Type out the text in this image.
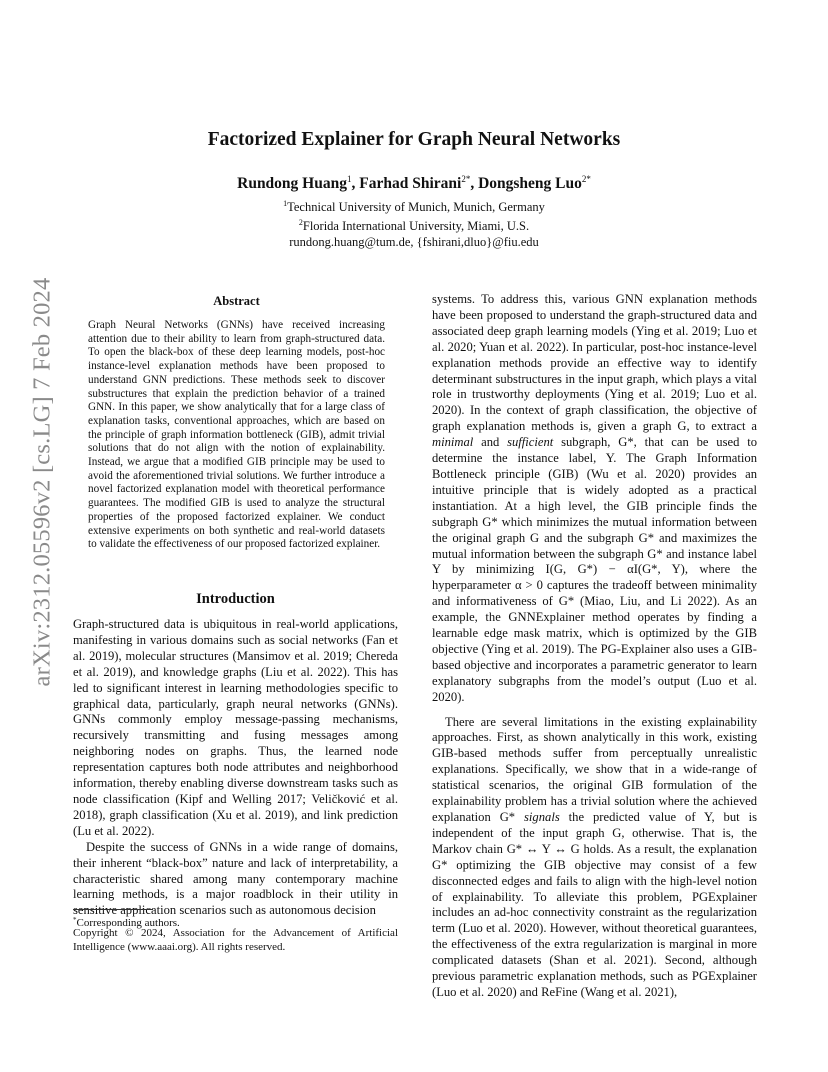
arXiv:2312.05596v2 [cs.LG] 7 Feb 2024
Factorized Explainer for Graph Neural Networks
Rundong Huang$^1$, Farhad Shirani$^{2*}$, Dongsheng Luo$^{2*}$
$^1$Technical University of Munich, Munich, Germany
$^2$Florida International University, Miami, U.S.
rundong.huang@tum.de, {fshirani,dluo}@fiu.edu
Abstract

Graph Neural Networks (GNNs) have received increasing attention due to their ability to learn from graph-structured data. To open the black-box of these deep learning models, post-hoc instance-level explanation methods have been proposed to understand GNN predictions. These methods seek to discover substructures that explain the prediction behavior of a trained GNN. In this paper, we show analytically that for a large class of explanation tasks, conventional approaches, which are based on the principle of graph information bottleneck (GIB), admit trivial solutions that do not align with the notion of explainability. Instead, we argue that a modified GIB principle may be used to avoid the aforementioned trivial solutions. We further introduce a novel factorized explanation model with theoretical performance guarantees. The modified GIB is used to analyze the structural properties of the proposed factorized explainer. We conduct extensive experiments on both synthetic and real-world datasets to validate the effectiveness of our proposed factorized explainer.

Introduction

Graph-structured data is ubiquitous in real-world applications, manifesting in various domains such as social networks (Fan et al. 2019), molecular structures (Mansimov et al. 2019; Chereda et al. 2019), and knowledge graphs (Liu et al. 2022). This has led to significant interest in learning methodologies specific to graphical data, particularly, graph neural networks (GNNs). GNNs commonly employ message-passing mechanisms, recursively transmitting and fusing messages among neighboring nodes on graphs. Thus, the learned node representation captures both node attributes and neighborhood information, thereby enabling diverse downstream tasks such as node classification (Kipf and Welling 2017; Veličković et al. 2018), graph classification (Xu et al. 2019), and link prediction (Lu et al. 2022).

Despite the success of GNNs in a wide range of domains, their inherent “black-box” nature and lack of interpretability, a characteristic shared among many contemporary machine learning methods, is a major roadblock in their utility in sensitive application scenarios such as autonomous decision

systems. To address this, various GNN explanation methods have been proposed to understand the graph-structured data and associated deep graph learning models (Ying et al. 2019; Luo et al. 2020; Yuan et al. 2022). In particular, post-hoc instance-level explanation methods provide an effective way to identify determinant substructures in the input graph, which plays a vital role in trustworthy deployments (Ying et al. 2019; Luo et al. 2020). In the context of graph classification, the objective of graph explanation methods is, given a graph G, to extract a minimal and sufficient subgraph, G*, that can be used to determine the instance label, Y. The Graph Information Bottleneck principle (GIB) (Wu et al. 2020) provides an intuitive principle that is widely adopted as a practical instantiation. At a high level, the GIB principle finds the subgraph G* which minimizes the mutual information between the original graph G and the subgraph G* and maximizes the mutual information between the subgraph G* and instance label Y by minimizing I(G, G*) − αI(G*, Y), where the hyperparameter α > 0 captures the tradeoff between minimality and informativeness of G* (Miao, Liu, and Li 2022). As an example, the GNNExplainer method operates by finding a learnable edge mask matrix, which is optimized by the GIB objective (Ying et al. 2019). The PG-Explainer also uses a GIB-based objective and incorporates a parametric generator to learn explanatory subgraphs from the model’s output (Luo et al. 2020).

There are several limitations in the existing explainability approaches. First, as shown analytically in this work, existing GIB-based methods suffer from perceptually unrealistic explanations. Specifically, we show that in a wide-range of statistical scenarios, the original GIB formulation of the explainability problem has a trivial solution where the achieved explanation G* signals the predicted value of Y, but is independent of the input graph G, otherwise. That is, the Markov chain G* ↔ Y ↔ G holds. As a result, the explanation G* optimizing the GIB objective may consist of a few disconnected edges and fails to align with the high-level notion of explainability. To alleviate this problem, PGExplainer includes an ad-hoc connectivity constraint as the regularization term (Luo et al. 2020). However, without theoretical guarantees, the effectiveness of the extra regularization is marginal in more complicated datasets (Shan et al. 2021). Second, although previous parametric explanation methods, such as PGExplainer (Luo et al. 2020) and ReFine (Wang et al. 2021),

*Corresponding authors.
Copyright © 2024, Association for the Advancement of Artificial Intelligence (www.aaai.org). All rights reserved.
